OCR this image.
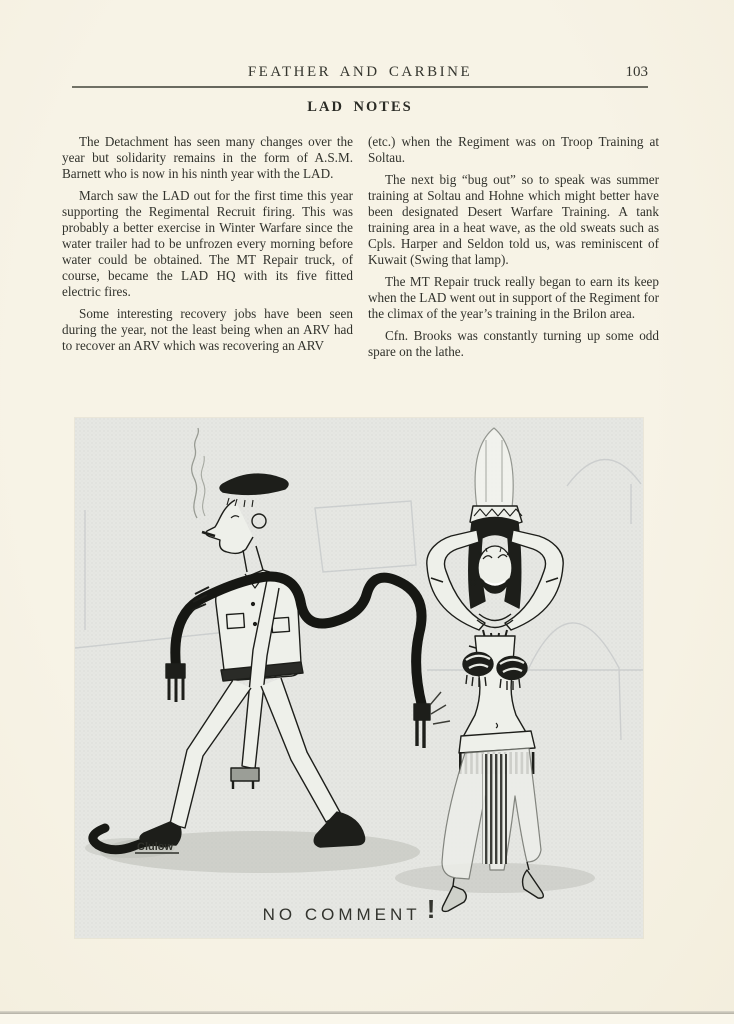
FEATHER AND CARBINE	103
LAD NOTES

The Detachment has seen many changes over the year but solidarity remains in the form of A.S.M. Barnett who is now in his ninth year with the LAD.

March saw the LAD out for the first time this year supporting the Regimental Recruit firing. This was probably a better exercise in Winter Warfare since the water trailer had to be unfrozen every morning before water could be obtained. The MT Repair truck, of course, became the LAD HQ with its five fitted electric fires.

Some interesting recovery jobs have been seen during the year, not the least being when an ARV had to recover an ARV which was recovering an ARV

(etc.) when the Regiment was on Troop Training at Soltau.

The next big “bug out” so to speak was summer training at Soltau and Hohne which might better have been designated Desert Warfare Training. A tank training area in a heat wave, as the old sweats such as Cpls. Harper and Seldon told us, was reminiscent of Kuwait (Swing that lamp).

The MT Repair truck really began to earn its keep when the LAD went out in support of the Regiment for the climax of the year’s training in the Brilon area.

Cfn. Brooks was constantly turning up some odd spare on the lathe.

Clulow
NO COMMENT !
